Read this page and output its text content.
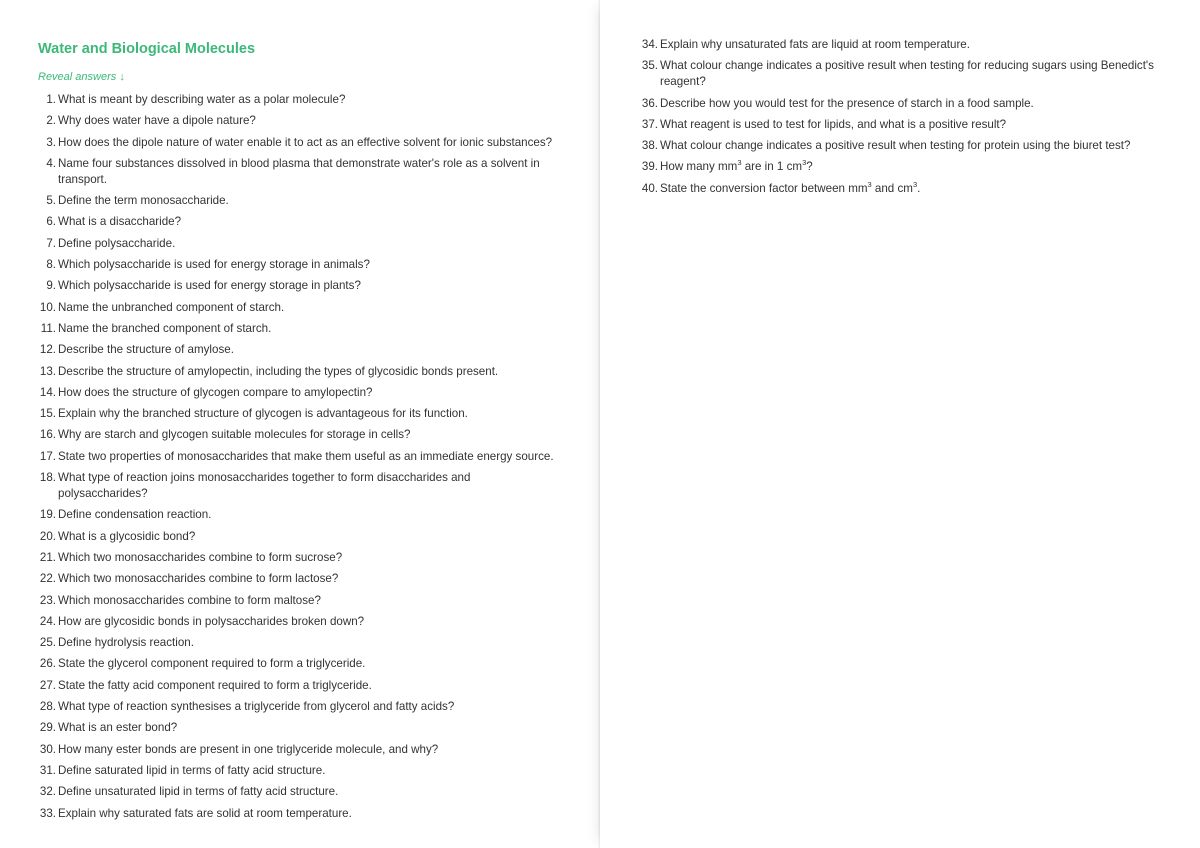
Water and Biological Molecules
Reveal answers ↓
1. What is meant by describing water as a polar molecule?
2. Why does water have a dipole nature?
3. How does the dipole nature of water enable it to act as an effective solvent for ionic substances?
4. Name four substances dissolved in blood plasma that demonstrate water's role as a solvent in transport.
5. Define the term monosaccharide.
6. What is a disaccharide?
7. Define polysaccharide.
8. Which polysaccharide is used for energy storage in animals?
9. Which polysaccharide is used for energy storage in plants?
10. Name the unbranched component of starch.
11. Name the branched component of starch.
12. Describe the structure of amylose.
13. Describe the structure of amylopectin, including the types of glycosidic bonds present.
14. How does the structure of glycogen compare to amylopectin?
15. Explain why the branched structure of glycogen is advantageous for its function.
16. Why are starch and glycogen suitable molecules for storage in cells?
17. State two properties of monosaccharides that make them useful as an immediate energy source.
18. What type of reaction joins monosaccharides together to form disaccharides and polysaccharides?
19. Define condensation reaction.
20. What is a glycosidic bond?
21. Which two monosaccharides combine to form sucrose?
22. Which two monosaccharides combine to form lactose?
23. Which monosaccharides combine to form maltose?
24. How are glycosidic bonds in polysaccharides broken down?
25. Define hydrolysis reaction.
26. State the glycerol component required to form a triglyceride.
27. State the fatty acid component required to form a triglyceride.
28. What type of reaction synthesises a triglyceride from glycerol and fatty acids?
29. What is an ester bond?
30. How many ester bonds are present in one triglyceride molecule, and why?
31. Define saturated lipid in terms of fatty acid structure.
32. Define unsaturated lipid in terms of fatty acid structure.
33. Explain why saturated fats are solid at room temperature.
34. Explain why unsaturated fats are liquid at room temperature.
35. What colour change indicates a positive result when testing for reducing sugars using Benedict's reagent?
36. Describe how you would test for the presence of starch in a food sample.
37. What reagent is used to test for lipids, and what is a positive result?
38. What colour change indicates a positive result when testing for protein using the biuret test?
39. How many $mm^3$ are in 1 $cm^3$?
40. State the conversion factor between $mm^3$ and $cm^3$.
